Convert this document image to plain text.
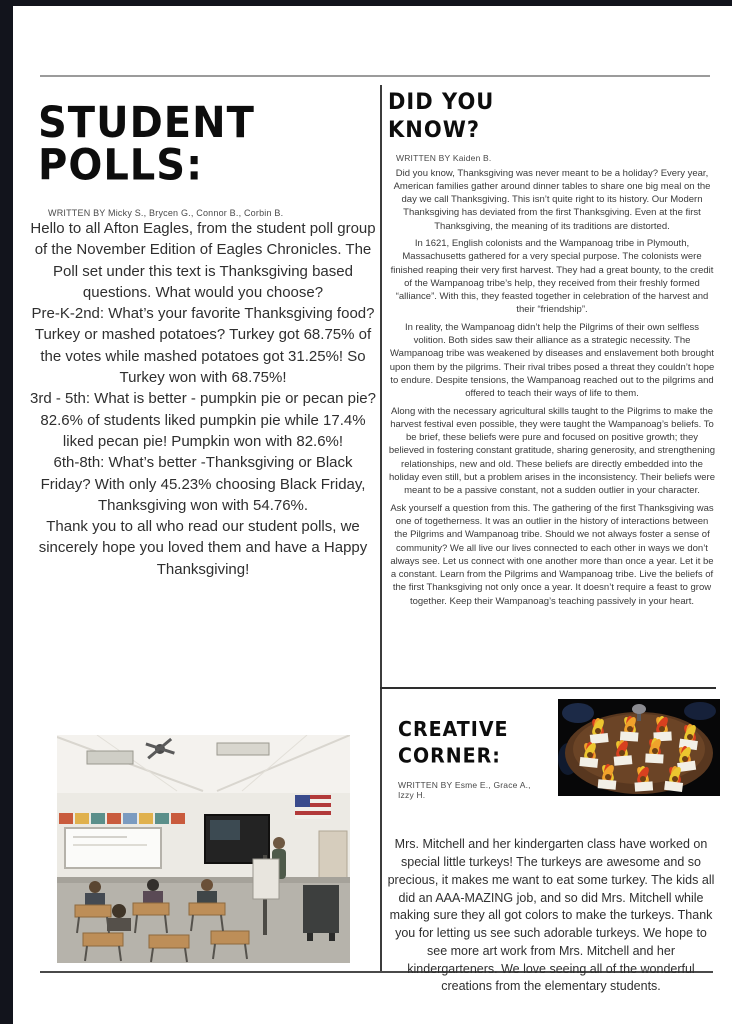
STUDENT POLLS:
WRITTEN BY Micky S., Brycen G., Connor B., Corbin B.

Hello to all Afton Eagles, from the student poll group of the November Edition of Eagles Chronicles. The Poll set under this text is Thanksgiving based questions. What would you choose?

Pre-K-2nd: What’s your favorite Thanksgiving food? Turkey or mashed potatoes? Turkey got 68.75% of the votes while mashed potatoes got 31.25%! So Turkey won with 68.75%!

3rd - 5th: What is better - pumpkin pie or pecan pie? 82.6% of students liked pumpkin pie while 17.4% liked pecan pie! Pumpkin won with 82.6%!

6th-8th: What’s better -Thanksgiving or Black Friday? With only 45.23% choosing Black Friday, Thanksgiving won with 54.76%.

Thank you to all who read our student polls, we sincerely hope you loved them and have a Happy Thanksgiving!

DID YOU KNOW?
WRITTEN BY Kaiden B.

Did you know, Thanksgiving was never meant to be a holiday? Every year, American families gather around dinner tables to share one big meal on the day we call Thanksgiving. This isn’t quite right to its history. Our Modern Thanksgiving has deviated from the first Thanksgiving. Even at the first Thanksgiving, the meaning of its traditions are distorted.

In 1621, English colonists and the Wampanoag tribe in Plymouth, Massachusetts gathered for a very special purpose. The colonists were finished reaping their very first harvest. They had a great bounty, to the credit of the Wampanoag tribe’s help, they received from their freshly formed “alliance”. With this, they feasted together in celebration of the harvest and their “friendship”.

In reality, the Wampanoag didn’t help the Pilgrims of their own selfless volition. Both sides saw their alliance as a strategic necessity. The Wampanoag tribe was weakened by diseases and enslavement both brought upon them by the pilgrims. Their rival tribes posed a threat they couldn’t hope to endure. Despite tensions, the Wampanoag reached out to the pilgrims and offered to teach their ways of life to them.

Along with the necessary agricultural skills taught to the Pilgrims to make the harvest festival even possible, they were taught the Wampanoag’s beliefs. To be brief, these beliefs were pure and focused on positive growth; they believed in fostering constant gratitude, sharing generosity, and strengthening relationships, new and old. These beliefs are directly embedded into the holiday even still, but a problem arises in the inconsistency. Their beliefs were meant to be a passive constant, not a sudden outlier in your character.

Ask yourself a question from this. The gathering of the first Thanksgiving was one of togetherness. It was an outlier in the history of interactions between the Pilgrims and Wampanoag tribe. Should we not always foster a sense of community? We all live our lives connected to each other in ways we don’t always see. Let us connect with one another more than once a year. Let it be a constant. Learn from the Pilgrims and Wampanoag tribe. Live the beliefs of the first Thanksgiving not only once a year. It doesn’t require a feast to grow together. Keep their Wampanoag’s teaching passively in your heart.

CREATIVE CORNER:
WRITTEN BY Esme E., Grace A., Izzy H.

Mrs. Mitchell and her kindergarten class have worked on special little turkeys! The turkeys are awesome and so precious, it makes me want to eat some turkey. The kids all did an AAA-MAZING job, and so did Mrs. Mitchell while making sure they all got colors to make the turkeys. Thank you for letting us see such adorable turkeys. We hope to see more art work from Mrs. Mitchell and her kindergarteners. We love seeing all of the wonderful creations from the elementary students.
